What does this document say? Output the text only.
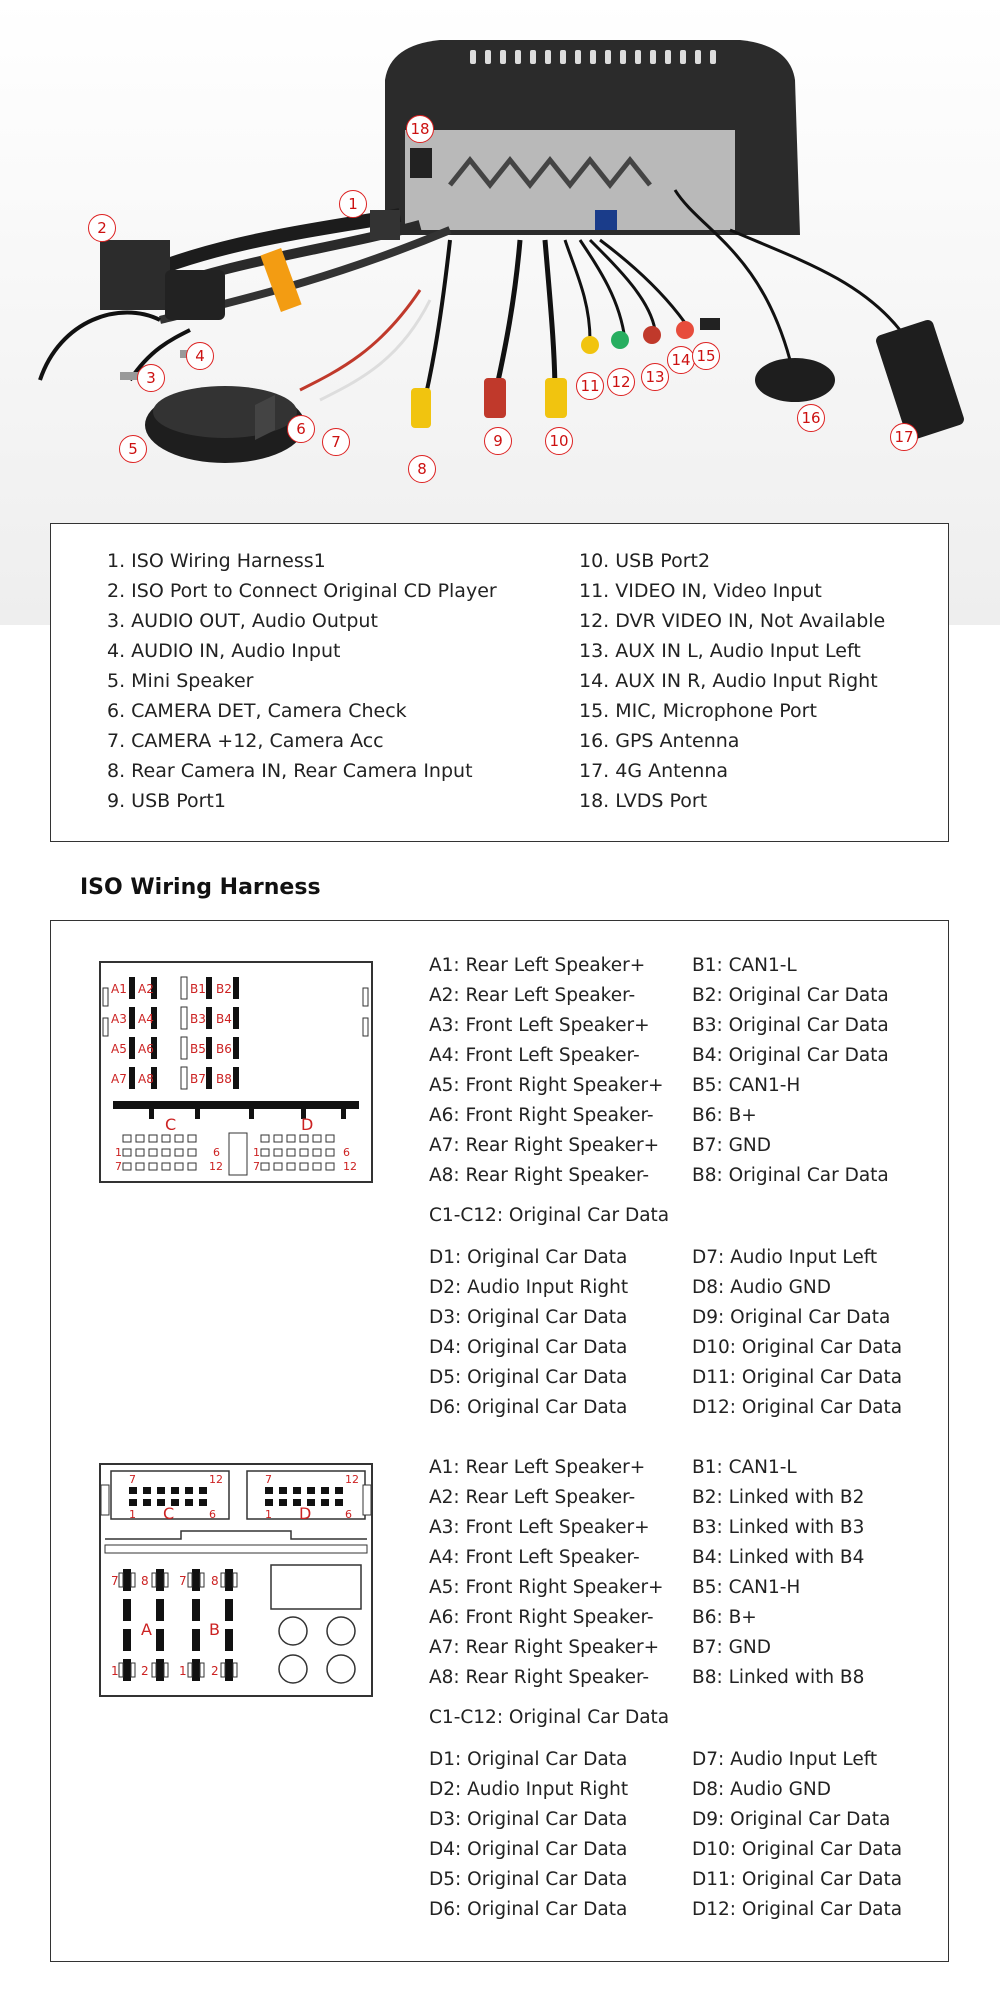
1
2
3
4
5
6
7
8
9	10
11 12 13
14 15
16
17
18
1. ISO Wiring Harness1
2. ISO Port to Connect Original CD Player
3. AUDIO OUT, Audio Output
4. AUDIO IN, Audio Input
5. Mini Speaker
6. CAMERA DET, Camera Check
7. CAMERA +12, Camera Acc
8. Rear Camera IN, Rear Camera Input
9. USB Port1
10. USB Port2
11. VIDEO IN, Video Input
12. DVR VIDEO IN, Not Available
13. AUX IN L, Audio Input Left
14. AUX IN R, Audio Input Right
15. MIC, Microphone Port
16. GPS Antenna
17. 4G Antenna
18. LVDS Port
ISO Wiring Harness
A1 A2
A3 A4
A5 A6
A7 A8
B1 B2
B3 B4
B5 B6
B7 B8
C	D
1	6
7	12
1	6
7	12
A1: Rear Left Speaker+
A2: Rear Left Speaker-
A3: Front Left Speaker+
A4: Front Left Speaker-
A5: Front Right Speaker+
A6: Front Right Speaker-
A7: Rear Right Speaker+
A8: Rear Right Speaker-
B1: CAN1-L
B2: Original Car Data
B3: Original Car Data
B4: Original Car Data
B5: CAN1-H
B6: B+
B7: GND
B8: Original Car Data
C1-C12: Original Car Data
D1: Original Car Data
D2: Audio Input Right
D3: Original Car Data
D4: Original Car Data
D5: Original Car Data
D6: Original Car Data
D7: Audio Input Left
D8: Audio GND
D9: Original Car Data
D10: Original Car Data
D11: Original Car Data
D12: Original Car Data
7	12
1	6
C
7	12
1	6
D
7 8	7 8
1 2	1 2
A	B
A1: Rear Left Speaker+
A2: Rear Left Speaker-
A3: Front Left Speaker+
A4: Front Left Speaker-
A5: Front Right Speaker+
A6: Front Right Speaker-
A7: Rear Right Speaker+
A8: Rear Right Speaker-
B1: CAN1-L
B2: Linked with B2
B3: Linked with B3
B4: Linked with B4
B5: CAN1-H
B6: B+
B7: GND
B8: Linked with B8
C1-C12: Original Car Data
D1: Original Car Data
D2: Audio Input Right
D3: Original Car Data
D4: Original Car Data
D5: Original Car Data
D6: Original Car Data
D7: Audio Input Left
D8: Audio GND
D9: Original Car Data
D10: Original Car Data
D11: Original Car Data
D12: Original Car Data
